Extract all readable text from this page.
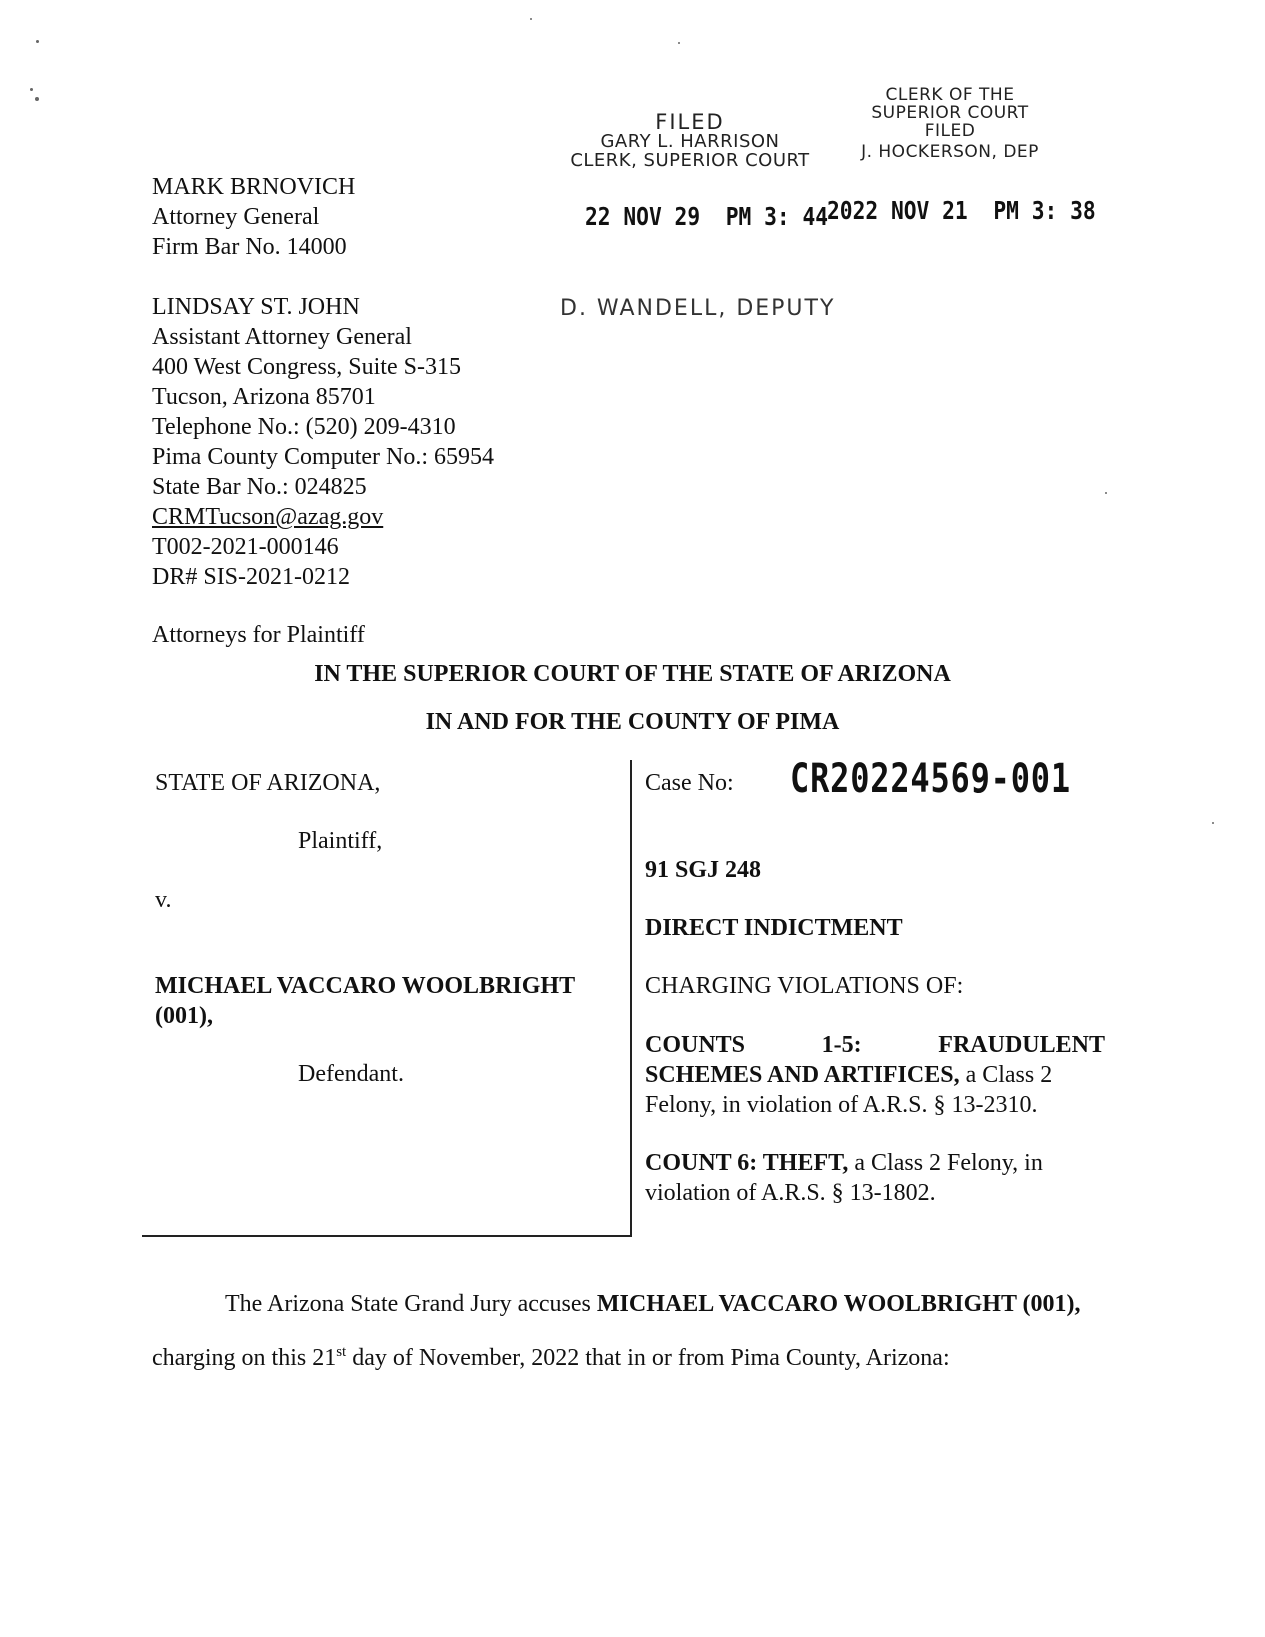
FILED
GARY L. HARRISON
CLERK, SUPERIOR COURT
22 NOV 29  PM 3: 44
D. WANDELL, DEPUTY
CLERK OF THE
SUPERIOR COURT
FILED
J. HOCKERSON, DEP
2022 NOV 21  PM 3: 38
MARK BRNOVICH
Attorney General
Firm Bar No. 14000
LINDSAY ST. JOHN
Assistant Attorney General
400 West Congress, Suite S-315
Tucson, Arizona 85701
Telephone No.: (520) 209-4310
Pima County Computer No.: 65954
State Bar No.: 024825
CRMTucson@azag.gov
T002-2021-000146
DR# SIS-2021-0212
Attorneys for Plaintiff
IN THE SUPERIOR COURT OF THE STATE OF ARIZONA
IN AND FOR THE COUNTY OF PIMA
STATE OF ARIZONA,
Plaintiff,
v.
MICHAEL VACCARO WOOLBRIGHT
(001),
Defendant.
Case No: CR20224569-001
91 SGJ 248
DIRECT INDICTMENT
CHARGING VIOLATIONS OF:
COUNTS	1-5:	FRAUDULENT
SCHEMES AND ARTIFICES, a Class 2
Felony, in violation of A.R.S. § 13-2310.
COUNT 6: THEFT, a Class 2 Felony, in
violation of A.R.S. § 13-1802.
The Arizona State Grand Jury accuses MICHAEL VACCARO WOOLBRIGHT (001),
charging on this 21st day of November, 2022 that in or from Pima County, Arizona:
